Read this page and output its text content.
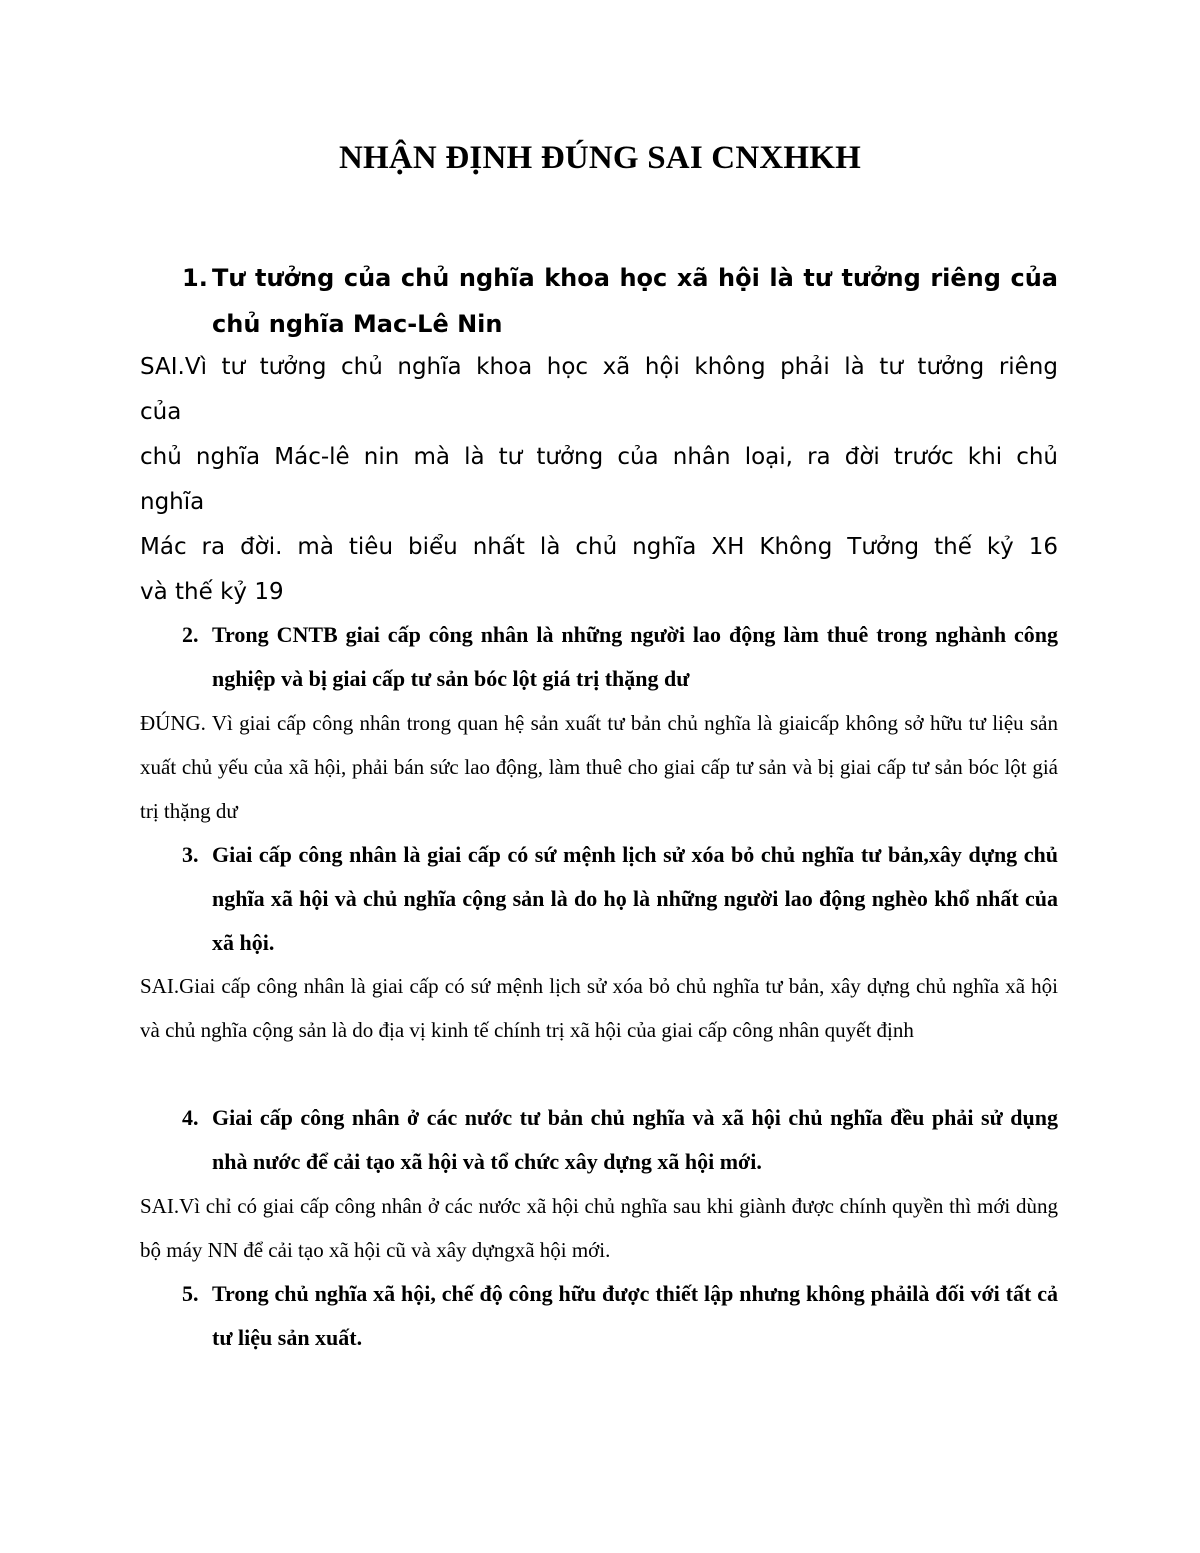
NHẬN ĐỊNH ĐÚNG SAI CNXHKH
1. Tư tưởng của chủ nghĩa khoa học xã hội là tư tưởng riêng của chủ nghĩa Mac-Lê Nin

SAI.Vì tư tưởng chủ nghĩa khoa học xã hội không phải là tư tưởng riêng

của

chủ nghĩa Mác-lê nin mà là tư tưởng của nhân loại, ra đời trước khi chủ

nghĩa

Mác ra đời. mà tiêu biểu nhất là chủ nghĩa XH Không Tưởng thế kỷ 16

và thế kỷ 19

2. Trong CNTB giai cấp công nhân là những người lao động làm thuê trong nghành công nghiệp và bị giai cấp tư sản bóc lột giá trị thặng dư

ĐÚNG. Vì giai cấp công nhân trong quan hệ sản xuất tư bản chủ nghĩa là giaicấp không sở hữu tư liệu sản xuất chủ yếu của xã hội, phải bán sức lao động, làm thuê cho giai cấp tư sản và bị giai cấp tư sản bóc lột giá trị thặng dư

3. Giai cấp công nhân là giai cấp có sứ mệnh lịch sử xóa bỏ chủ nghĩa tư bản,xây dựng chủ nghĩa xã hội và chủ nghĩa cộng sản là do họ là những người lao động nghèo khổ nhất của xã hội.

SAI.Giai cấp công nhân là giai cấp có sứ mệnh lịch sử xóa bỏ chủ nghĩa tư bản, xây dựng chủ nghĩa xã hội và chủ nghĩa cộng sản là do địa vị kinh tế chính trị xã hội của giai cấp công nhân quyết định

4. Giai cấp công nhân ở các nước tư bản chủ nghĩa và xã hội chủ nghĩa đều phải sử dụng nhà nước để cải tạo xã hội và tổ chức xây dựng xã hội mới.

SAI.Vì chỉ có giai cấp công nhân ở các nước xã hội chủ nghĩa sau khi giành được chính quyền thì mới dùng bộ máy NN để cải tạo xã hội cũ và xây dựngxã hội mới.

5. Trong chủ nghĩa xã hội, chế độ công hữu được thiết lập nhưng không phảilà đối với tất cả tư liệu sản xuất.
